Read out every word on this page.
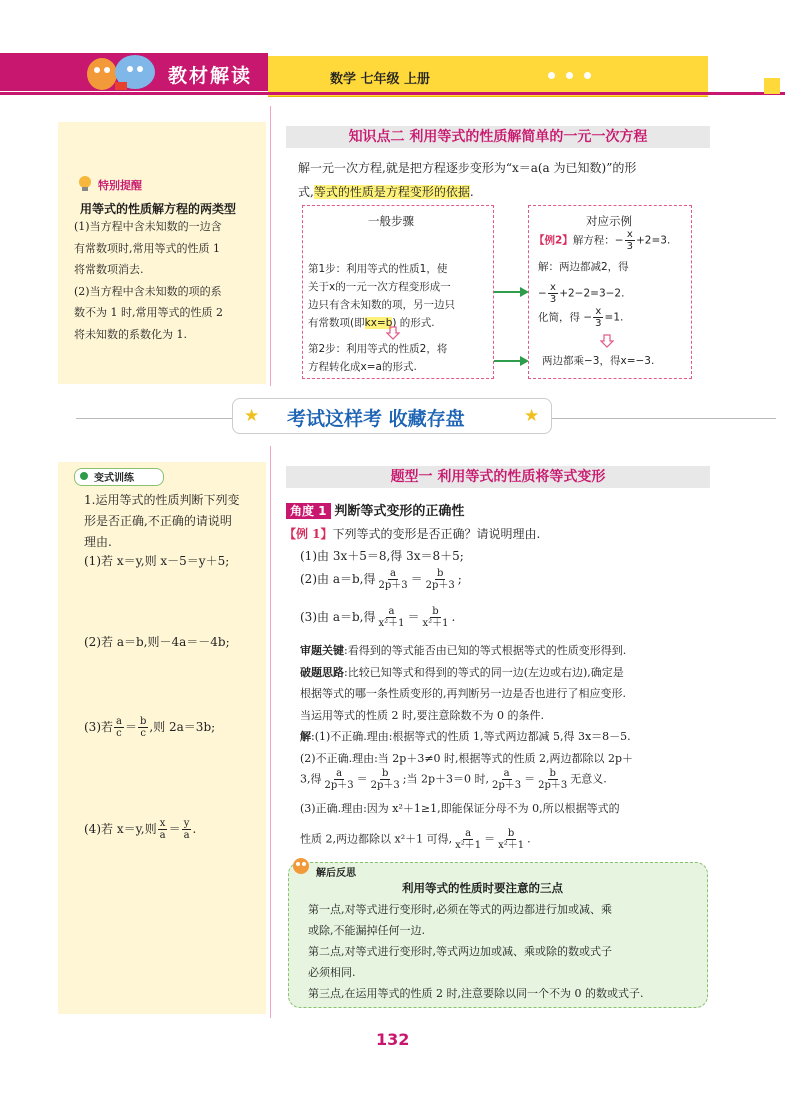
教材解读	数学 七年级 上册
特别提醒
用等式的性质解方程的两类型
(1)当方程中含未知数的一边含
有常数项时,常用等式的性质 1
将常数项消去.
(2)当方程中含未知数的项的系
数不为 1 时,常用等式的性质 2
将未知数的系数化为 1.
知识点二 利用等式的性质解简单的一元一次方程
解一元一次方程,就是把方程逐步变形为“x＝a(a 为已知数)”的形
式,等式的性质是方程变形的依据.
一般步骤
第1步：利用等式的性质1，使
关于x的一元一次方程变形成一
边只有含未知数的项，另一边只
有常数项(即kx=b) 的形式.
第2步：利用等式的性质2，将
方程转化成x=a的形式.
对应示例
【例2】解方程：− $\frac{x}{3} +2=3$.
解：两边都减2，得
− $\frac{x}{3} +2-2=3-2$.
化简，得 − $\frac{x}{3} =1$.
两边都乘−3，得x=−3.
★	★
考试这样考 收藏存盘
变式训练
1.运用等式的性质判断下列变
形是否正确,不正确的请说明
理由.
(1)若 x＝y,则 x－5＝y＋5;
(2)若 a＝b,则－4a＝－4b;
(3)若 $\frac{a}{c} = \frac{b}{c}$ ,则 2a＝3b;
(4)若 x＝y,则 $\frac{x}{a} = \frac{y}{a}$ .
题型一 利用等式的性质将等式变形
角度 1 判断等式变形的正确性
【例 1】下列等式的变形是否正确？请说明理由.
(1)由 3x＋5＝8,得 3x＝8＋5;
(2)由 a＝b,得 $\frac{a}{2p+3} = \frac{b}{2p+3}$ ;
(3)由 a＝b,得 $\frac{a}{\text{x²＋1}} = \frac{b}{\text{x²＋1}}$ .
审题关键:看得到的等式能否由已知的等式根据等式的性质变形得到.
破题思路:比较已知等式和得到的等式的同一边(左边或右边),确定是
根据等式的哪一条性质变形的,再判断另一边是否也进行了相应变形.
当运用等式的性质 2 时,要注意除数不为 0 的条件.
解:(1)不正确.理由:根据等式的性质 1,等式两边都减 5,得 3x＝8－5.
(2)不正确.理由:当 2p＋3≠0 时,根据等式的性质 2,两边都除以 2p＋
3,得 $\frac{a}{2p+3} = \frac{b}{2p+3}$ ;当 2p＋3＝0 时, $\frac{a}{2p+3} = \frac{b}{2p+3}$ 无意义.
(3)正确.理由:因为 x²＋1≥1,即能保证分母不为 0,所以根据等式的
性质 2,两边都除以 x²＋1 可得, $\frac{a}{\text{x²＋1}} = \frac{b}{\text{x²＋1}}$ .
解后反思
利用等式的性质时要注意的三点
第一点,对等式进行变形时,必须在等式的两边都进行加或减、乘
或除,不能漏掉任何一边.
第二点,对等式进行变形时,等式两边加或减、乘或除的数或式子
必须相同.
第三点,在运用等式的性质 2 时,注意要除以同一个不为 0 的数或式子.
132
